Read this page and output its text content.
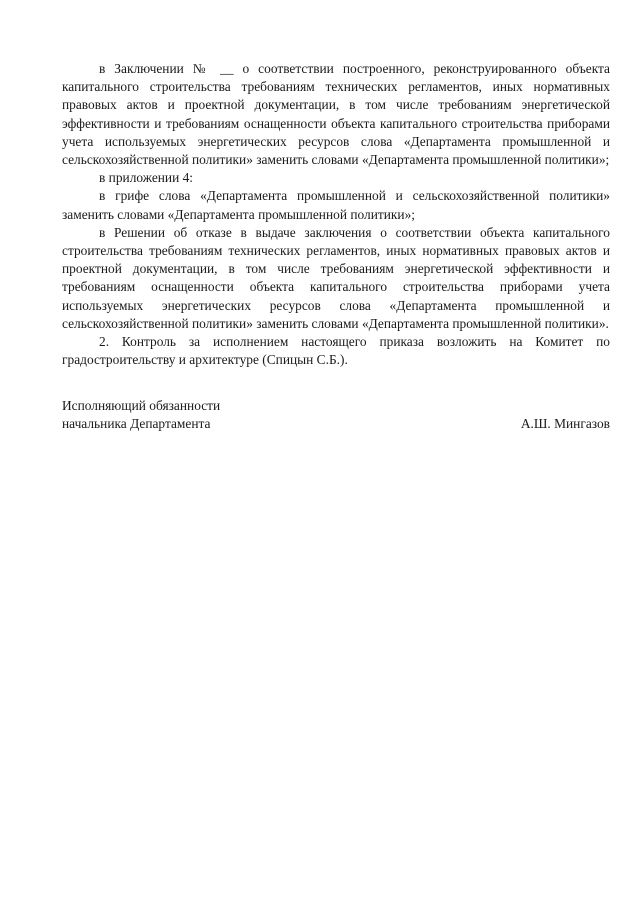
в Заключении № __ о соответствии построенного, реконструированного объекта капитального строительства требованиям технических регламентов, иных нормативных правовых актов и проектной документации, в том числе требованиям энергетической эффективности и требованиям оснащенности объекта капитального строительства приборами учета используемых энергетических ресурсов слова «Департамента промышленной и сельскохозяйственной политики» заменить словами «Департамента промышленной политики»;

в приложении 4:

в грифе слова «Департамента промышленной и сельскохозяйственной политики» заменить словами «Департамента промышленной политики»;

в Решении об отказе в выдаче заключения о соответствии объекта капитального строительства требованиям технических регламентов, иных нормативных правовых актов и проектной документации, в том числе требованиям энергетической эффективности и требованиям оснащенности объекта капитального строительства приборами учета используемых энергетических ресурсов слова «Департамента промышленной и сельскохозяйственной политики» заменить словами «Департамента промышленной политики».

2. Контроль за исполнением настоящего приказа возложить на Комитет по градостроительству и архитектуре (Спицын С.Б.).

Исполняющий обязанности
начальника Департамента	А.Ш. Мингазов
